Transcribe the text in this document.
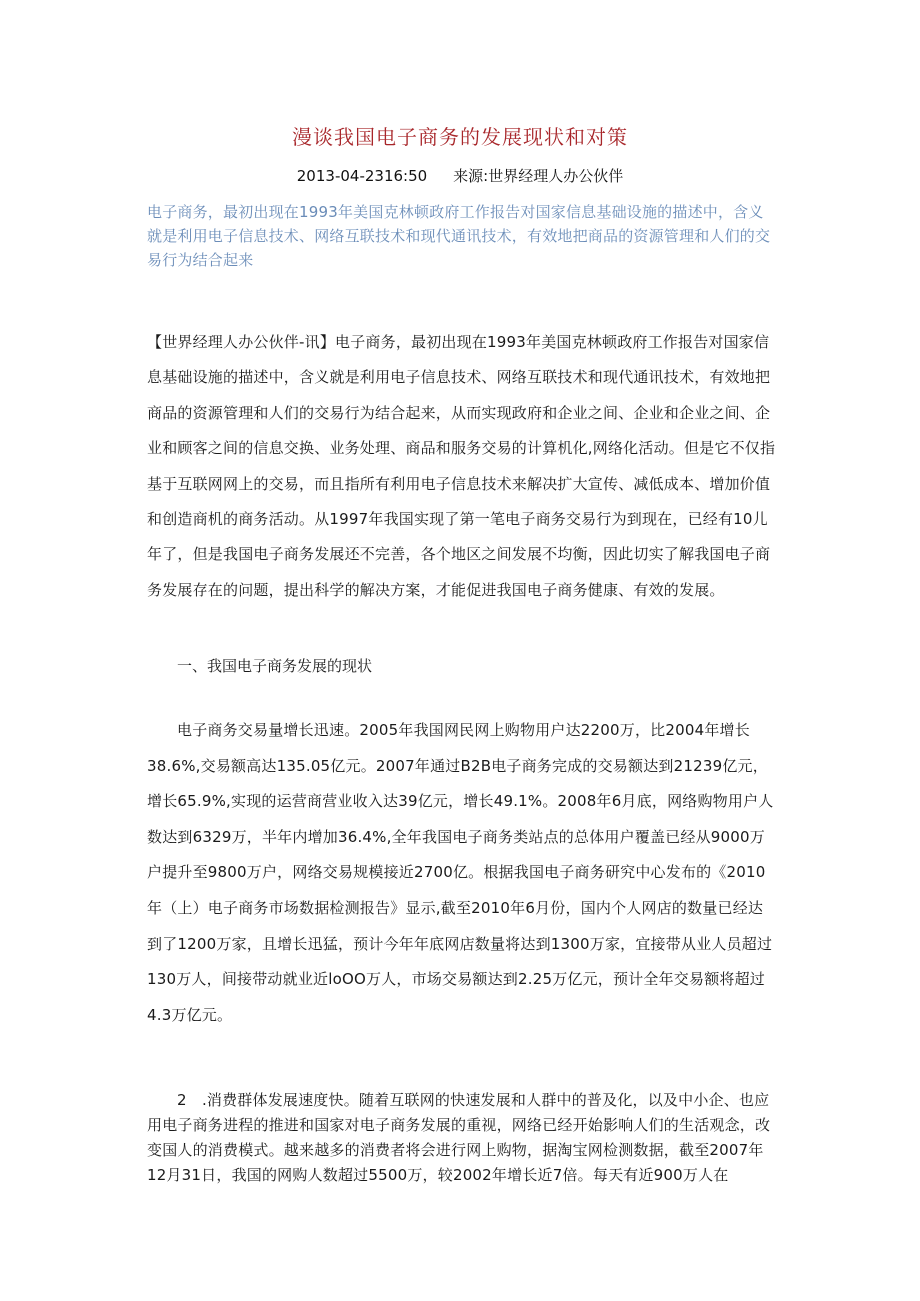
漫谈我国电子商务的发展现状和对策
2013-04-2316:50 来源:世界经理人办公伙伴
电子商务，最初出现在1993年美国克林顿政府工作报告对国家信息基础设施的描述中，含义就是利用电子信息技术、网络互联技术和现代通讯技术，有效地把商品的资源管理和人们的交易行为结合起来

【世界经理人办公伙伴-讯】电子商务，最初出现在1993年美国克林顿政府工作报告对国家信息基础设施的描述中，含义就是利用电子信息技术、网络互联技术和现代通讯技术，有效地把商品的资源管理和人们的交易行为结合起来，从而实现政府和企业之间、企业和企业之间、企业和顾客之间的信息交换、业务处理、商品和服务交易的计算机化,网络化活动。但是它不仅指基于互联网网上的交易，而且指所有利用电子信息技术来解决扩大宣传、减低成本、增加价值和创造商机的商务活动。从1997年我国实现了第一笔电子商务交易行为到现在，已经有10儿年了，但是我国电子商务发展还不完善，各个地区之间发展不均衡，因此切实了解我国电子商务发展存在的问题，提出科学的解决方案，才能促进我国电子商务健康、有效的发展。

一、我国电子商务发展的现状

电子商务交易量增长迅速。2005年我国网民网上购物用户达2200万，比2004年增长38.6%,交易额高达135.05亿元。2007年通过B2B电子商务完成的交易额达到21239亿元，增长65.9%,实现的运营商营业收入达39亿元，增长49.1%。2008年6月底，网络购物用户人数达到6329万，半年内增加36.4%,全年我国电子商务类站点的总体用户覆盖已经从9000万户提升至9800万户，网络交易规模接近2700亿。根据我国电子商务研究中心发布的《2010年（上）电子商务市场数据检测报告》显示,截至2010年6月份，国内个人网店的数量已经达到了1200万家，且增长迅猛，预计今年年底网店数量将达到1300万家，宜接带从业人员超过130万人，间接带动就业近loOO万人，市场交易额达到2.25万亿元，预计全年交易额将超过4.3万亿元。

2　.消费群体发展速度快。随着互联网的快速发展和人群中的普及化，以及中小企、也应用电子商务进程的推进和国家对电子商务发展的重视，网络已经开始影响人们的生活观念，改变国人的消费模式。越来越多的消费者将会进行网上购物，据淘宝网检测数据，截至2007年12月31日，我国的网购人数超过5500万，较2002年增长近7倍。每天有近900万人在
